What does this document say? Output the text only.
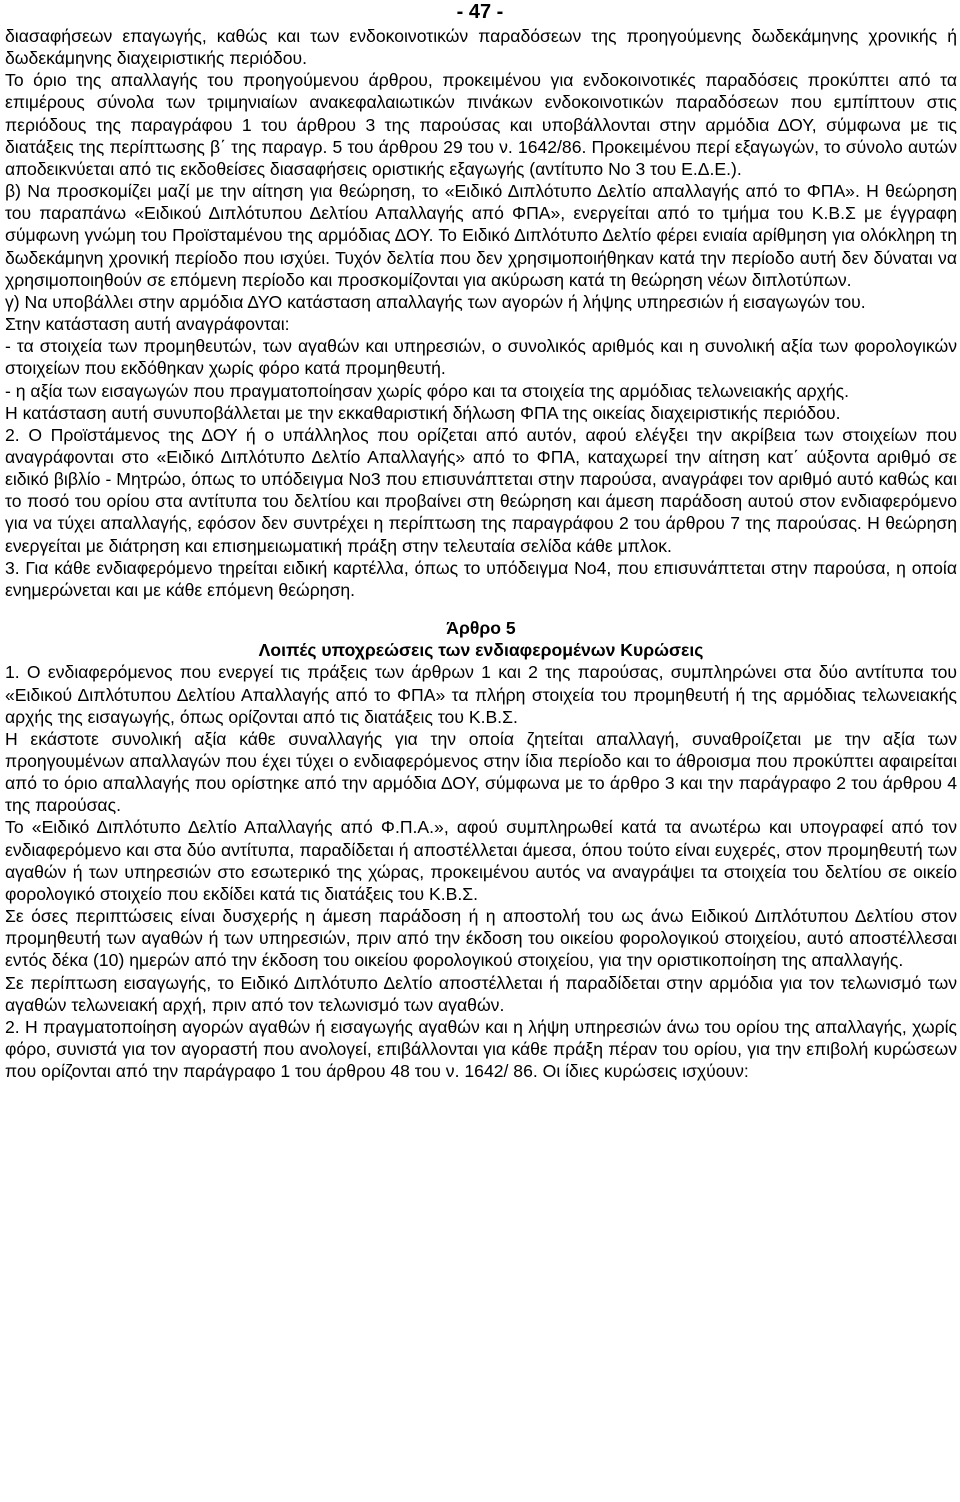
- 47 -

διασαφήσεων επαγωγής, καθώς και των ενδοκοινοτικών παραδόσεων της προηγούμενης δωδεκάμηνης χρονικής ή δωδεκάμηνης διαχειριστικής περιόδου.

Το όριο της απαλλαγής του προηγούμενου άρθρου, προκειμένου για ενδοκοινοτικές παραδόσεις προκύπτει από τα επιμέρους σύνολα των τριμηνιαίων ανακεφαλαιωτικών πινάκων ενδοκοινοτικών παραδόσεων που εμπίπτουν στις περιόδους της παραγράφου 1 του άρθρου 3 της παρούσας και υποβάλλονται στην αρμόδια ΔΟΥ, σύμφωνα με τις διατάξεις της περίπτωσης β΄ της παραγρ. 5 του άρθρου 29 του ν. 1642/86. Προκειμένου περί εξαγωγών, το σύνολο αυτών αποδεικνύεται από τις εκδοθείσες διασαφήσεις οριστικής εξαγωγής (αντίτυπο Νο 3 του Ε.Δ.Ε.).

β) Να προσκομίζει μαζί με την αίτηση για θεώρηση, το «Ειδικό Διπλότυπο Δελτίο απαλλαγής από το ΦΠΑ». Η θεώρηση του παραπάνω «Ειδικού Διπλότυπου Δελτίου Απαλλαγής από ΦΠΑ», ενεργείται από το τμήμα του Κ.Β.Σ με έγγραφη σύμφωνη γνώμη του Προϊσταμένου της αρμόδιας ΔΟΥ. Το Ειδικό Διπλότυπο Δελτίο φέρει ενιαία αρίθμηση για ολόκληρη τη δωδεκάμηνη χρονική περίοδο που ισχύει. Τυχόν δελτία που δεν χρησιμοποιήθηκαν κατά την περίοδο αυτή δεν δύναται να χρησιμοποιηθούν σε επόμενη περίοδο και προσκομίζονται για ακύρωση κατά τη θεώρηση νέων διπλοτύπων.

γ) Να υποβάλλει στην αρμόδια ΔΥΟ κατάσταση απαλλαγής των αγορών ή λήψης υπηρεσιών ή εισαγωγών του.

Στην κατάσταση αυτή αναγράφονται:

- τα στοιχεία των προμηθευτών, των αγαθών και υπηρεσιών, ο συνολικός αριθμός και η συνολική αξία των φορολογικών στοιχείων που εκδόθηκαν χωρίς φόρο κατά προμηθευτή.

- η αξία των εισαγωγών που πραγματοποίησαν χωρίς φόρο και τα στοιχεία της αρμόδιας τελωνειακής αρχής.

Η κατάσταση αυτή συνυποβάλλεται με την εκκαθαριστική δήλωση ΦΠΑ της οικείας διαχειριστικής περιόδου.

2. Ο Προϊστάμενος της ΔΟΥ ή ο υπάλληλος που ορίζεται από αυτόν, αφού ελέγξει την ακρίβεια των στοιχείων που αναγράφονται στο «Ειδικό Διπλότυπο Δελτίο Απαλλαγής» από το ΦΠΑ, καταχωρεί την αίτηση κατ΄ αύξοντα αριθμό σε ειδικό βιβλίο - Μητρώο, όπως το υπόδειγμα Νο3 που επισυνάπτεται στην παρούσα, αναγράφει τον αριθμό αυτό καθώς και το ποσό του ορίου στα αντίτυπα του δελτίου και προβαίνει στη θεώρηση και άμεση παράδοση αυτού στον ενδιαφερόμενο για να τύχει απαλλαγής, εφόσον δεν συντρέχει η περίπτωση της παραγράφου 2 του άρθρου 7 της παρούσας. Η θεώρηση ενεργείται με διάτρηση και επισημειωματική πράξη στην τελευταία σελίδα κάθε μπλοκ.

3. Για κάθε ενδιαφερόμενο τηρείται ειδική καρτέλλα, όπως το υπόδειγμα Νο4, που επισυνάπτεται στην παρούσα, η οποία ενημερώνεται και με κάθε επόμενη θεώρηση.

Άρθρο 5
Λοιπές υποχρεώσεις των ενδιαφερομένων Κυρώσεις

1. Ο ενδιαφερόμενος που ενεργεί τις πράξεις των άρθρων 1 και 2 της παρούσας, συμπληρώνει στα δύο αντίτυπα του «Ειδικού Διπλότυπου Δελτίου Απαλλαγής από το ΦΠΑ» τα πλήρη στοιχεία του προμηθευτή ή της αρμόδιας τελωνειακής αρχής της εισαγωγής, όπως ορίζονται από τις διατάξεις του Κ.Β.Σ.

Η εκάστοτε συνολική αξία κάθε συναλλαγής για την οποία ζητείται απαλλαγή, συναθροίζεται με την αξία των προηγουμένων απαλλαγών που έχει τύχει ο ενδιαφερόμενος στην ίδια περίοδο και το άθροισμα που προκύπτει αφαιρείται από το όριο απαλλαγής που ορίστηκε από την αρμόδια ΔΟΥ, σύμφωνα με το άρθρο 3 και την παράγραφο 2 του άρθρου 4 της παρούσας.

Το «Ειδικό Διπλότυπο Δελτίο Απαλλαγής από Φ.Π.Α.», αφού συμπληρωθεί κατά τα ανωτέρω και υπογραφεί από τον ενδιαφερόμενο και στα δύο αντίτυπα, παραδίδεται ή αποστέλλεται άμεσα, όπου τούτο είναι ευχερές, στον προμηθευτή των αγαθών ή των υπηρεσιών στο εσωτερικό της χώρας, προκειμένου αυτός να αναγράψει τα στοιχεία του δελτίου σε οικείο φορολογικό στοιχείο που εκδίδει κατά τις διατάξεις του Κ.Β.Σ.

Σε όσες περιπτώσεις είναι δυσχερής η άμεση παράδοση ή η αποστολή του ως άνω Ειδικού Διπλότυπου Δελτίου στον προμηθευτή των αγαθών ή των υπηρεσιών, πριν από την έκδοση του οικείου φορολογικού στοιχείου, αυτό αποστέλλεσαι εντός δέκα (10) ημερών από την έκδοση του οικείου φορολογικού στοιχείου, για την οριστικοποίηση της απαλλαγής.

Σε περίπτωση εισαγωγής, το Ειδικό Διπλότυπο Δελτίο αποστέλλεται ή παραδίδεται στην αρμόδια για τον τελωνισμό των αγαθών τελωνειακή αρχή, πριν από τον τελωνισμό των αγαθών.

2. Η πραγματοποίηση αγορών αγαθών ή εισαγωγής αγαθών και η λήψη υπηρεσιών άνω του ορίου της απαλλαγής, χωρίς φόρο, συνιστά για τον αγοραστή που ανολογεί, επιβάλλονται για κάθε πράξη πέραν του ορίου, για την επιβολή κυρώσεων που ορίζονται από την παράγραφο 1 του άρθρου 48 του ν. 1642/ 86. Οι ίδιες κυρώσεις ισχύουν:
